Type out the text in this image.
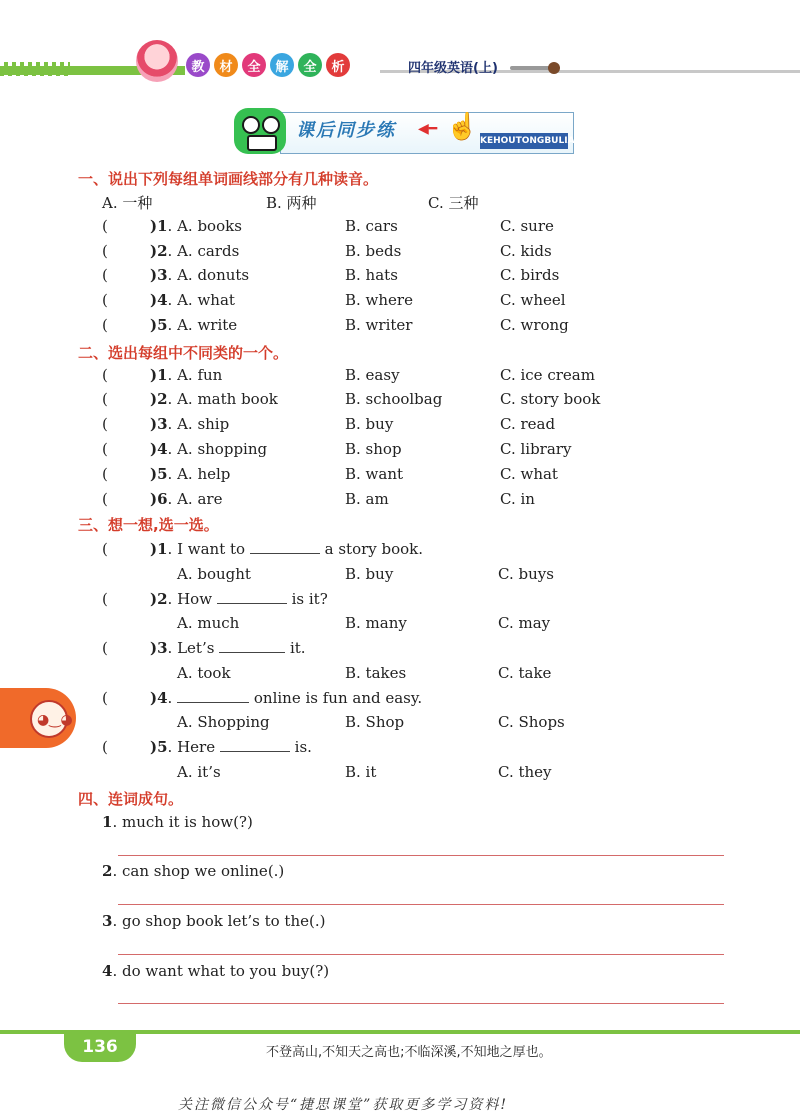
教	材	全	解	全	析	四年级英语(上)
课后同步练 ◀━ ☝ KEHOUTONGBULIAN
一、说出下列每组单词画线部分有几种读音。
A. 一种	B. 两种	C. 三种
(	)1. A. books	B. cars	C. sure
(	)2. A. cards	B. beds	C. kids
(	)3. A. donuts	B. hats	C. birds
(	)4. A. what	B. where	C. wheel
(	)5. A. write	B. writer	C. wrong
二、选出每组中不同类的一个。
(	)1. A. fun	B. easy	C. ice cream
(	)2. A. math book	B. schoolbag	C. story book
(	)3. A. ship	B. buy	C. read
(	)4. A. shopping	B. shop	C. library
(	)5. A. help	B. want	C. what
(	)6. A. are	B. am	C. in
三、想一想,选一选。
(	)1. I want to	a story book.
A. bought	B. buy	C. buys
(	)2. How	is it?
A. much	B. many	C. may
(	)3. Let’s	it.
A. took	B. takes	C. take
(	)4.	online is fun and easy.
A. Shopping	B. Shop	C. Shops
(	)5. Here	is.
A. it’s	B. it	C. they
四、连词成句。
1. much it is how(?)
2. can shop we online(.)
3. go shop book let’s to the(.)
4. do want what to you buy(?)
◕‿◕
136	不登高山,不知天之高也;不临深溪,不知地之厚也。
关注微信公众号“捷思课堂”获取更多学习资料!
